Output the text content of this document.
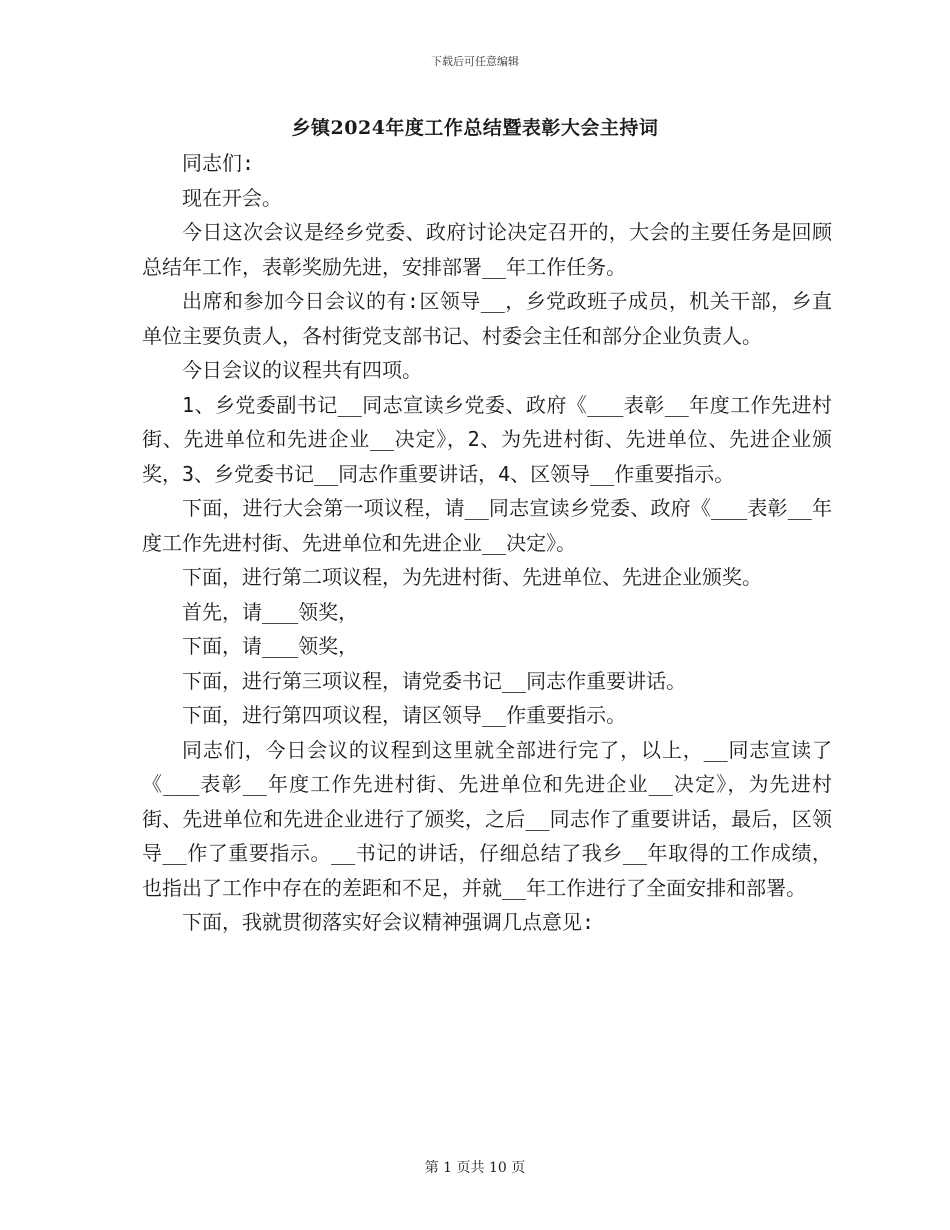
下载后可任意编辑
乡镇2024年度工作总结暨表彰大会主持词

同志们:

现在开会。

今日这次会议是经乡党委、政府讨论决定召开的，大会的主要任务是回顾总结年工作，表彰奖励先进，安排部署__年工作任务。

出席和参加今日会议的有:区领导__，乡党政班子成员，机关干部，乡直单位主要负责人，各村街党支部书记、村委会主任和部分企业负责人。

今日会议的议程共有四项。

1、乡党委副书记__同志宣读乡党委、政府《___表彰__年度工作先进村街、先进单位和先进企业__决定》，2、为先进村街、先进单位、先进企业颁奖，3、乡党委书记__同志作重要讲话，4、区领导__作重要指示。

下面，进行大会第一项议程，请__同志宣读乡党委、政府《___表彰__年度工作先进村街、先进单位和先进企业__决定》。

下面，进行第二项议程，为先进村街、先进单位、先进企业颁奖。

首先，请___领奖，

下面，请___领奖，

下面，进行第三项议程，请党委书记__同志作重要讲话。

下面，进行第四项议程，请区领导__作重要指示。

同志们，今日会议的议程到这里就全部进行完了，以上，__同志宣读了《___表彰__年度工作先进村街、先进单位和先进企业__决定》，为先进村街、先进单位和先进企业进行了颁奖，之后__同志作了重要讲话，最后，区领导__作了重要指示。__书记的讲话，仔细总结了我乡__年取得的工作成绩，也指出了工作中存在的差距和不足，并就__年工作进行了全面安排和部署。

下面，我就贯彻落实好会议精神强调几点意见:

第 1 页共 10 页
